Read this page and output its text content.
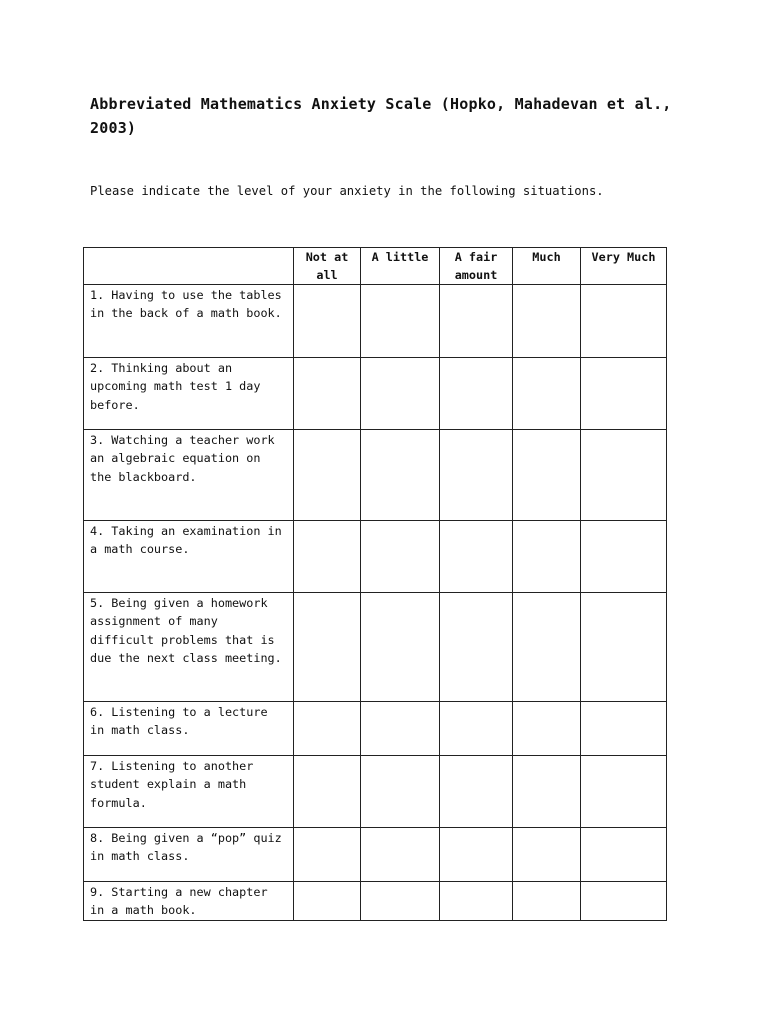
Abbreviated Mathematics Anxiety Scale (Hopko, Mahadevan et al., 2003)

Please indicate the level of your anxiety in the following situations.

	Not at all	A little	A fair amount	Much	Very Much
1. Having to use the tables in the back of a math book.					
2. Thinking about an upcoming math test 1 day before.					
3. Watching a teacher work an algebraic equation on the blackboard.					
4. Taking an examination in a math course.					
5. Being given a homework assignment of many difficult problems that is due the next class meeting.					
6. Listening to a lecture in math class.					
7. Listening to another student explain a math formula.					
8. Being given a “pop” quiz in math class.					
9. Starting a new chapter in a math book.					
